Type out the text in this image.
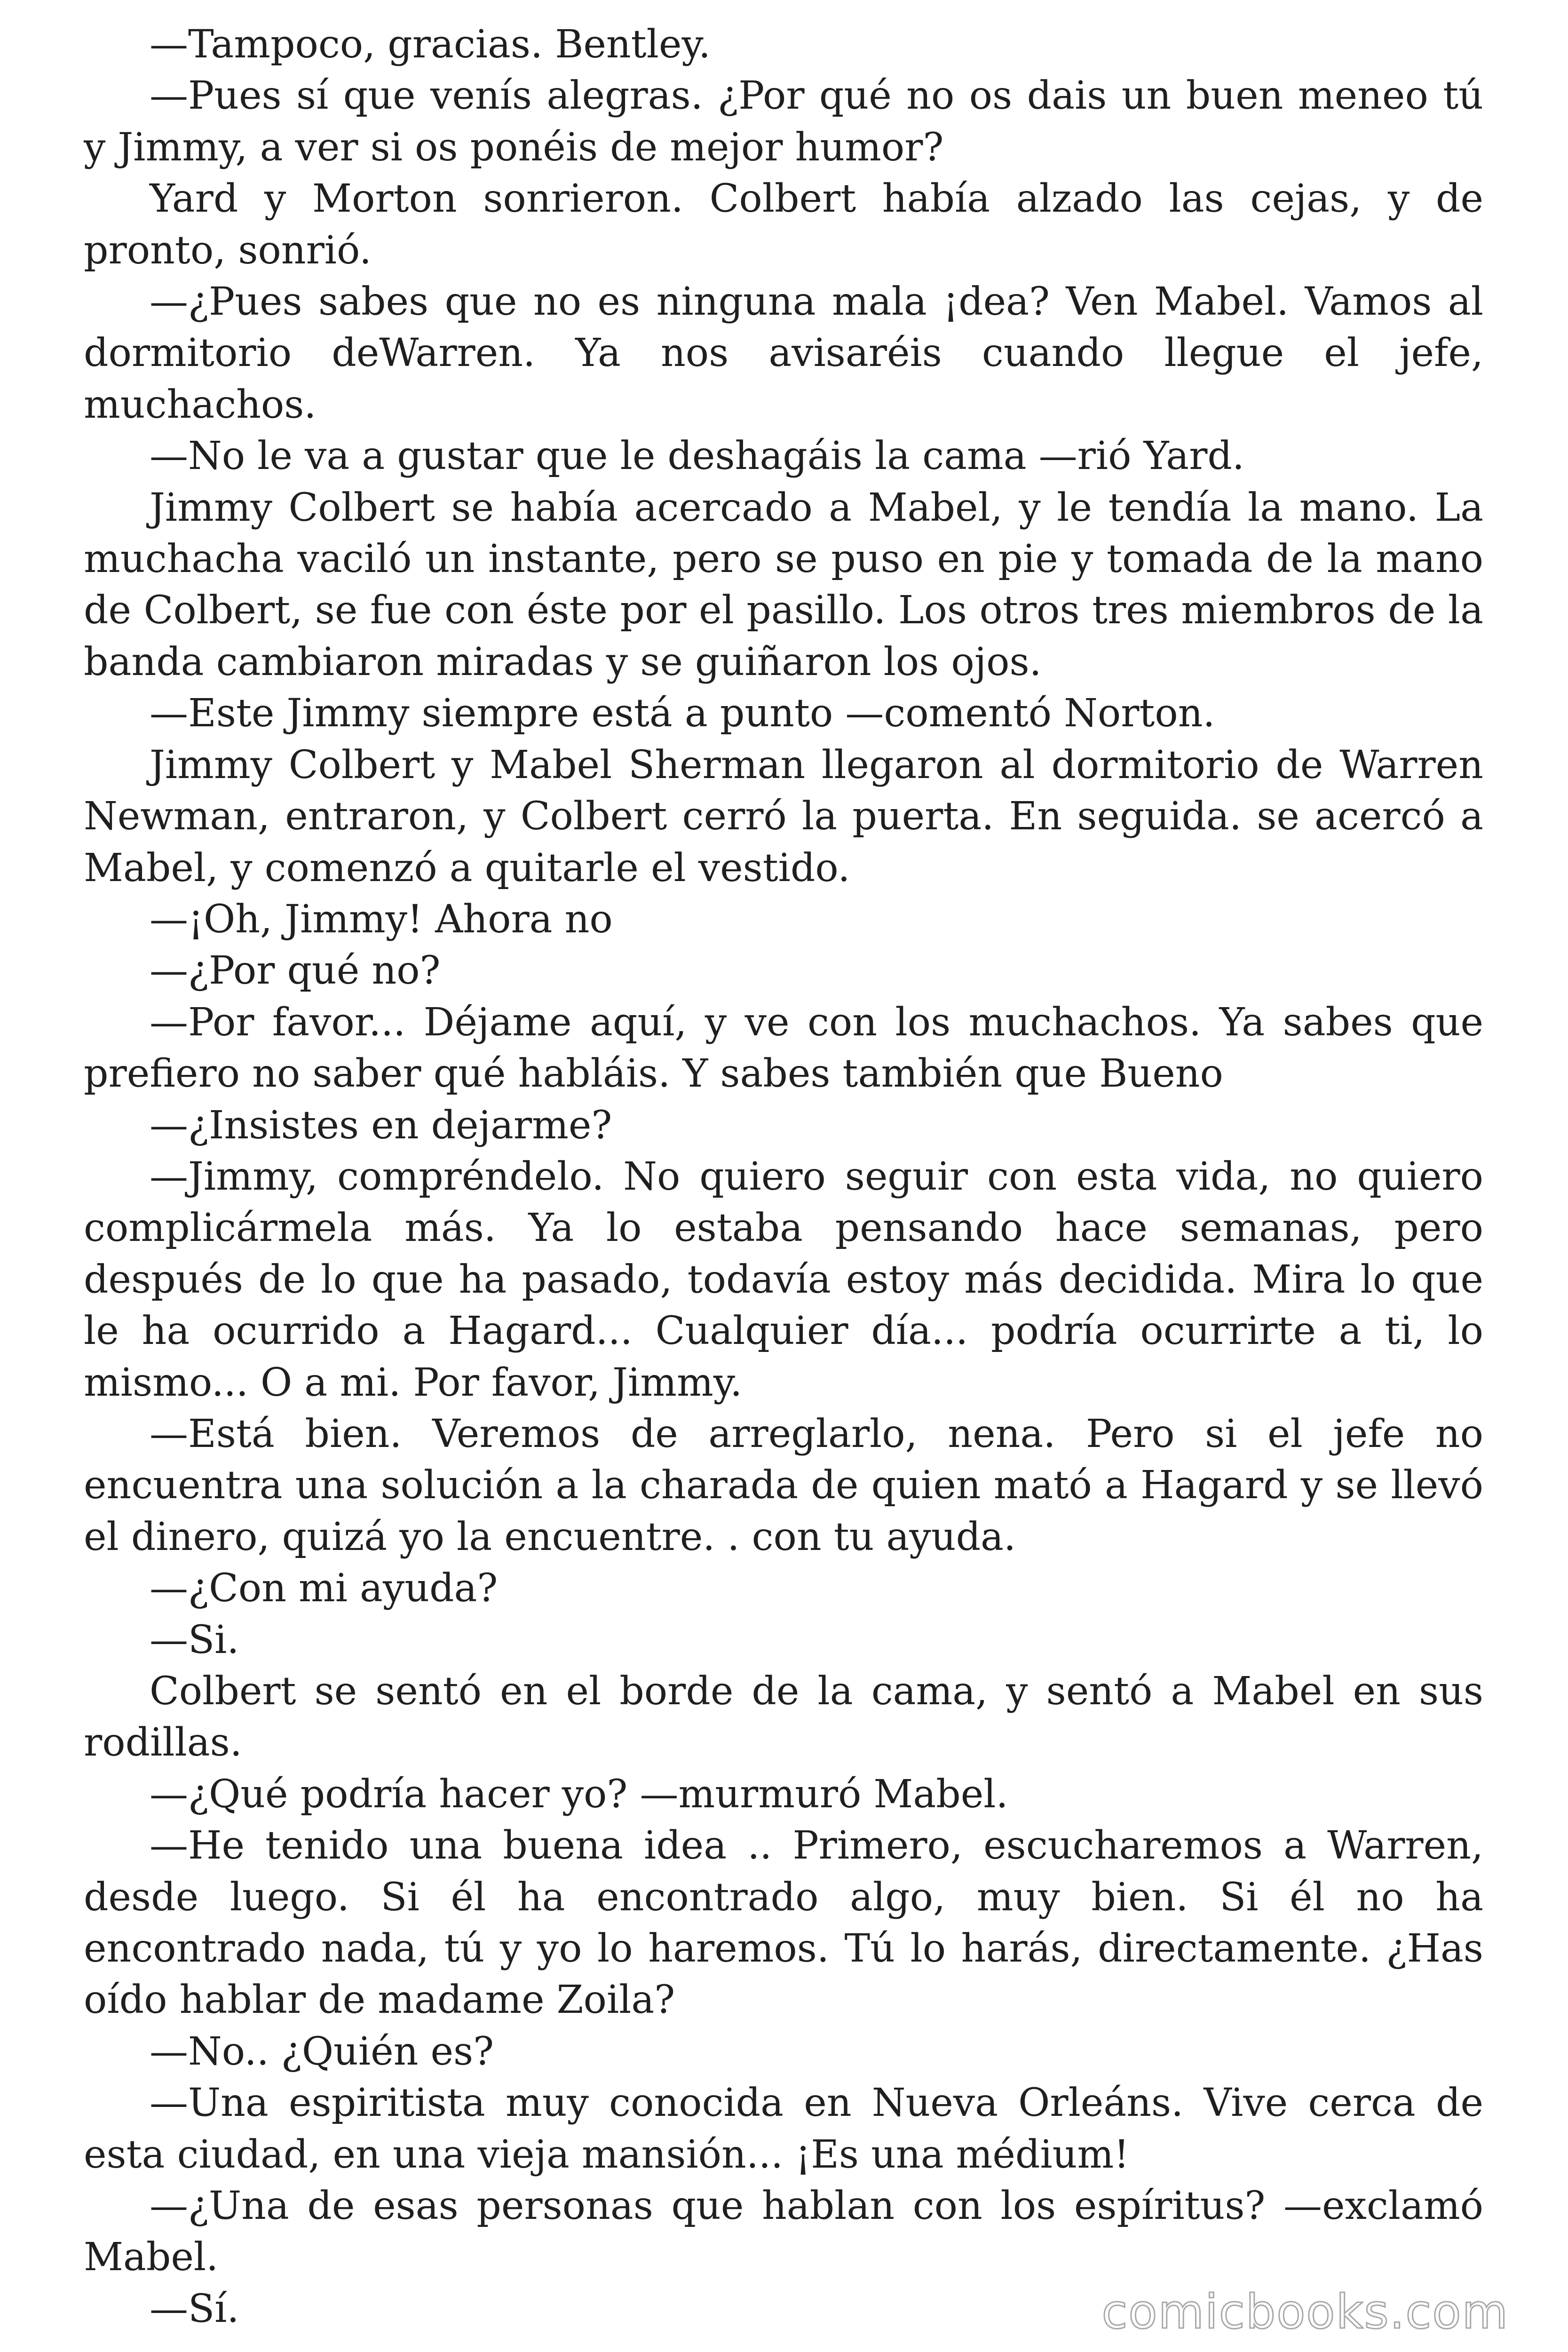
—Tampoco, gracias. Bentley.

—Pues sí que venís alegras. ¿Por qué no os dais un buen meneo tú y Jimmy, a ver si os ponéis de mejor humor?

Yard y Morton sonrieron. Colbert había alzado las cejas, y de pronto, sonrió.

—¿Pues sabes que no es ninguna mala ¡dea? Ven Mabel. Vamos al dormitorio deWarren. Ya nos avisaréis cuando llegue el jefe, muchachos.

—No le va a gustar que le deshagáis la cama —rió Yard.

Jimmy Colbert se había acercado a Mabel, y le tendía la mano. La muchacha vaciló un instante, pero se puso en pie y tomada de la mano de Colbert, se fue con éste por el pasillo. Los otros tres miembros de la banda cambiaron miradas y se guiñaron los ojos.

—Este Jimmy siempre está a punto —comentó Norton.

Jimmy Colbert y Mabel Sherman llegaron al dormitorio de Warren Newman, entraron, y Colbert cerró la puerta. En seguida. se acercó a Mabel, y comenzó a quitarle el vestido.

—¡Oh, Jimmy! Ahora no

—¿Por qué no?

—Por favor... Déjame aquí, y ve con los muchachos. Ya sabes que prefiero no saber qué habláis. Y sabes también que Bueno

—¿Insistes en dejarme?

—Jimmy, compréndelo. No quiero seguir con esta vida, no quiero complicármela más. Ya lo estaba pensando hace semanas, pero después de lo que ha pasado, todavía estoy más decidida. Mira lo que le ha ocurrido a Hagard... Cualquier día... podría ocurrirte a ti, lo mismo... O a mi. Por favor, Jimmy.

—Está bien. Veremos de arreglarlo, nena. Pero si el jefe no encuentra una solución a la charada de quien mató a Hagard y se llevó el dinero, quizá yo la encuentre. . con tu ayuda.

—¿Con mi ayuda?

—Si.

Colbert se sentó en el borde de la cama, y sentó a Mabel en sus rodillas.

—¿Qué podría hacer yo? —murmuró Mabel.

—He tenido una buena idea .. Primero, escucharemos a Warren, desde luego. Si él ha encontrado algo, muy bien. Si él no ha encontrado nada, tú y yo lo haremos. Tú lo harás, directamente. ¿Has oído hablar de madame Zoila?

—No.. ¿Quién es?

—Una espiritista muy conocida en Nueva Orleáns. Vive cerca de esta ciudad, en una vieja mansión... ¡Es una médium!

—¿Una de esas personas que hablan con los espíritus? —exclamó Mabel.

—Sí.	comicbooks.com
